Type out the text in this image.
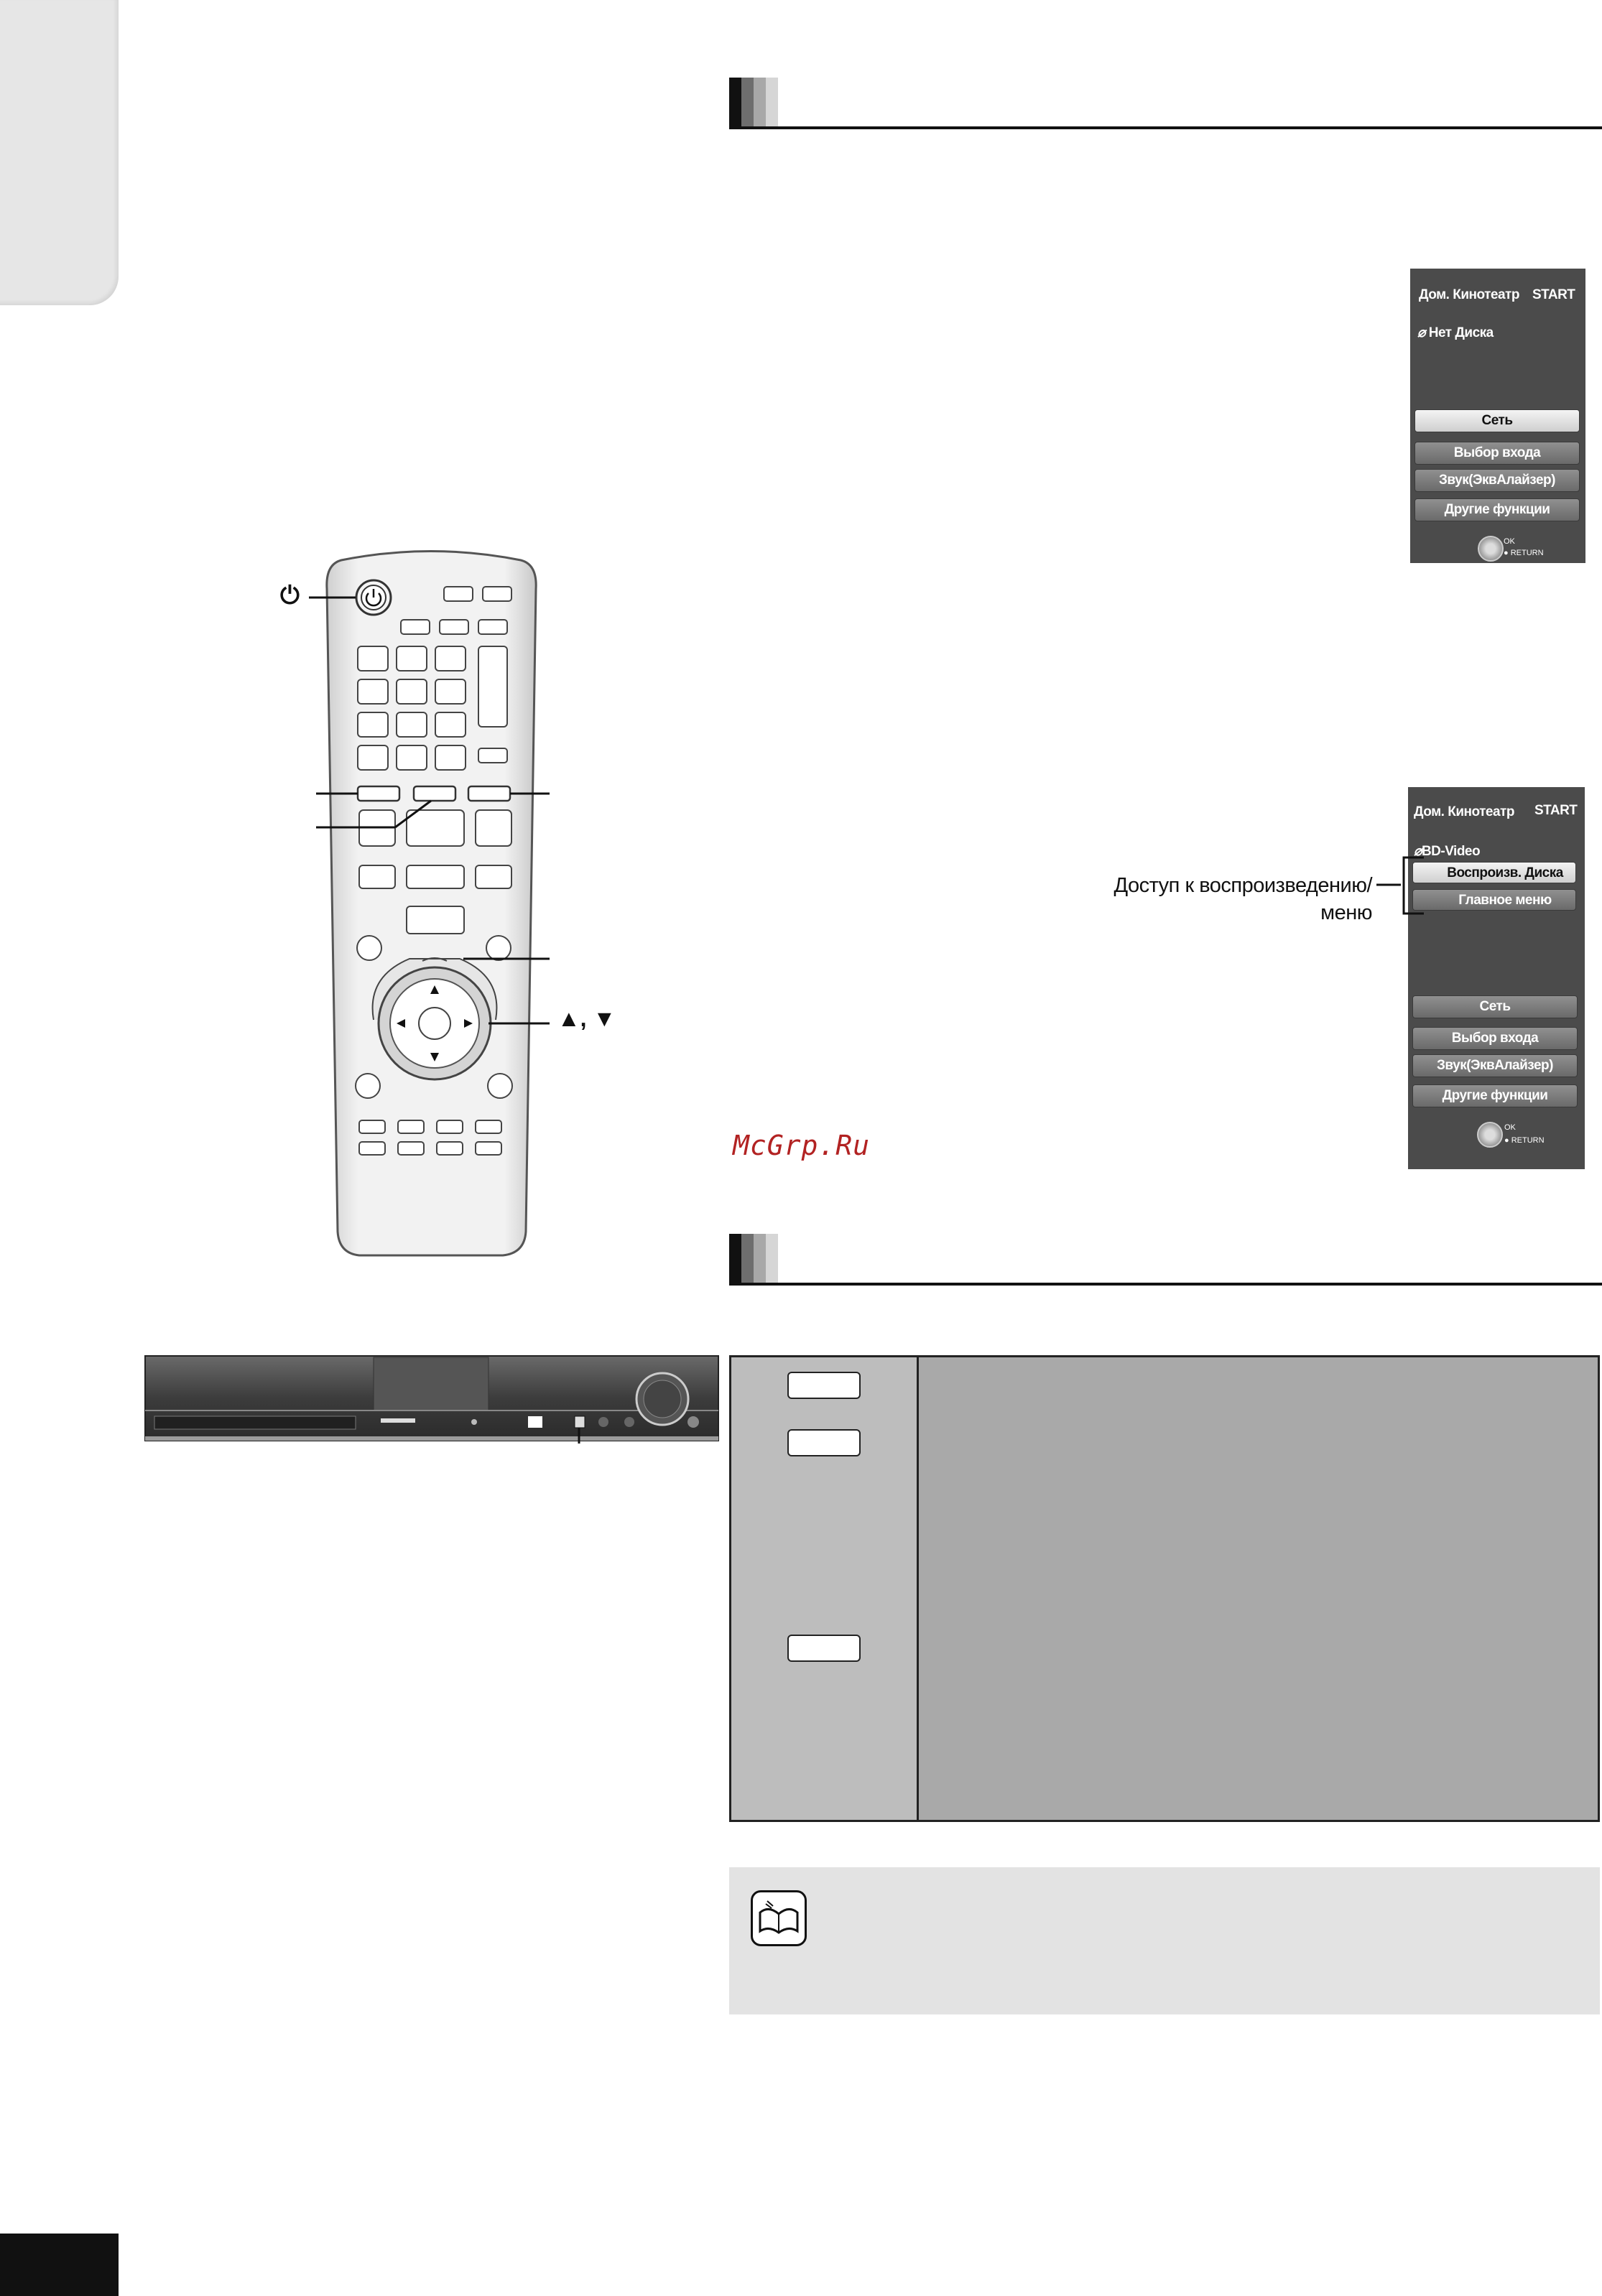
⏻
▲, ▼
Дом. Кинотеатр START
⌀ Нет Диска
Сеть
Выбор входа
Звук(ЭквАлайзер)
Другие функции
OK
● RETURN
Дом. Кинотеатр START
⌀BD-Video
Воспроизв. Диска
Главное меню
Сеть
Выбор входа
Звук(ЭквАлайзер)
Другие функции
OK
● RETURN
Доступ к воспроизведению/
меню
McGrp.Ru
